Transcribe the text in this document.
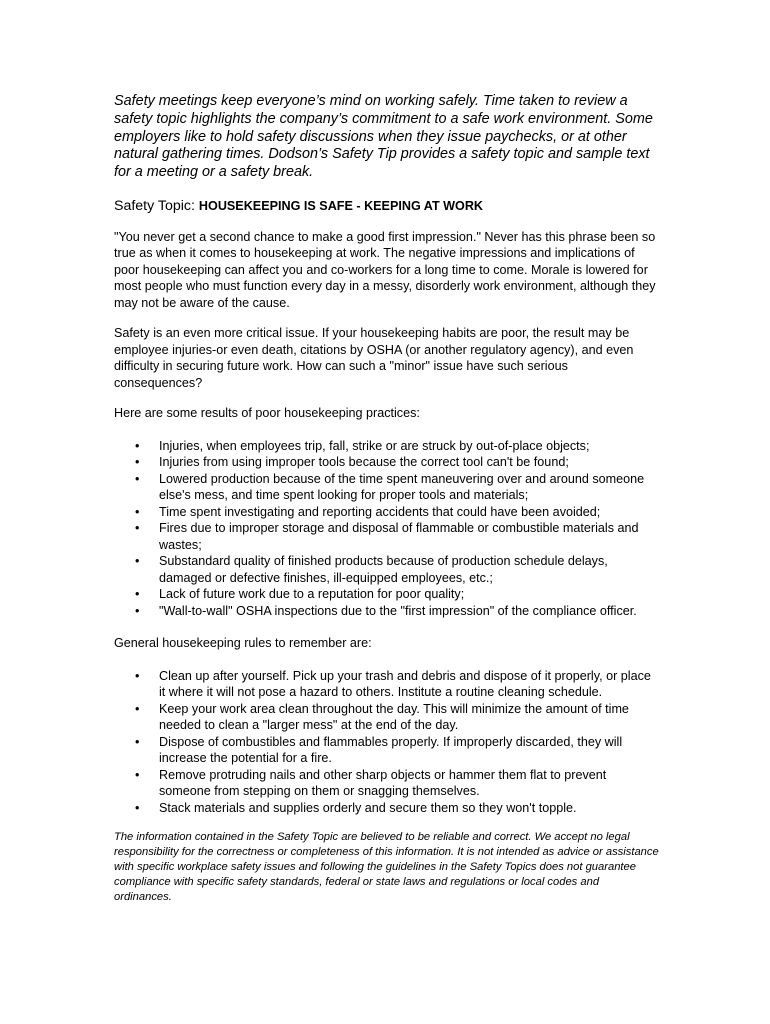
Safety meetings keep everyone’s mind on working safely. Time taken to review a safety topic highlights the company’s commitment to a safe work environment. Some employers like to hold safety discussions when they issue paychecks, or at other natural gathering times. Dodson’s Safety Tip provides a safety topic and sample text for a meeting or a safety break.

Safety Topic: HOUSEKEEPING IS SAFE - KEEPING AT WORK

"You never get a second chance to make a good first impression." Never has this phrase been so true as when it comes to housekeeping at work. The negative impressions and implications of poor housekeeping can affect you and co-workers for a long time to come. Morale is lowered for most people who must function every day in a messy, disorderly work environment, although they may not be aware of the cause.

Safety is an even more critical issue. If your housekeeping habits are poor, the result may be employee injuries-or even death, citations by OSHA (or another regulatory agency), and even difficulty in securing future work. How can such a "minor" issue have such serious consequences?

Here are some results of poor housekeeping practices:

• Injuries, when employees trip, fall, strike or are struck by out-of-place objects;
• Injuries from using improper tools because the correct tool can't be found;
• Lowered production because of the time spent maneuvering over and around someone else's mess, and time spent looking for proper tools and materials;
• Time spent investigating and reporting accidents that could have been avoided;
• Fires due to improper storage and disposal of flammable or combustible materials and wastes;
• Substandard quality of finished products because of production schedule delays, damaged or defective finishes, ill-equipped employees, etc.;
• Lack of future work due to a reputation for poor quality;
• "Wall-to-wall" OSHA inspections due to the "first impression" of the compliance officer.

General housekeeping rules to remember are:

• Clean up after yourself. Pick up your trash and debris and dispose of it properly, or place it where it will not pose a hazard to others. Institute a routine cleaning schedule.
• Keep your work area clean throughout the day. This will minimize the amount of time needed to clean a "larger mess" at the end of the day.
• Dispose of combustibles and flammables properly. If improperly discarded, they will increase the potential for a fire.
• Remove protruding nails and other sharp objects or hammer them flat to prevent someone from stepping on them or snagging themselves.
• Stack materials and supplies orderly and secure them so they won't topple.

The information contained in the Safety Topic are believed to be reliable and correct. We accept no legal responsibility for the correctness or completeness of this information. It is not intended as advice or assistance with specific workplace safety issues and following the guidelines in the Safety Topics does not guarantee compliance with specific safety standards, federal or state laws and regulations or local codes and ordinances.
